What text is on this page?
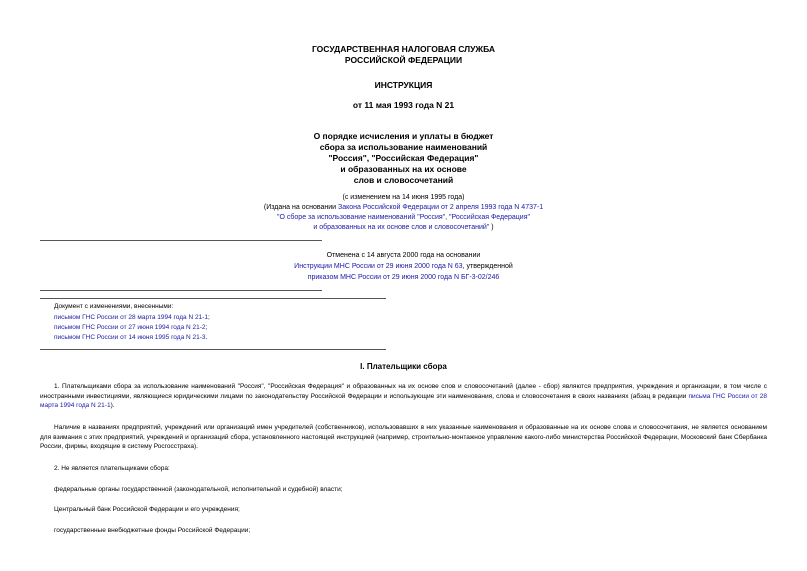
ГОСУДАРСТВЕННАЯ НАЛОГОВАЯ СЛУЖБА
РОССИЙСКОЙ ФЕДЕРАЦИИ
ИНСТРУКЦИЯ
от 11 мая 1993 года N 21
О порядке исчисления и уплаты в бюджет
сбора за использование наименований
"Россия", "Российская Федерация"
и образованных на их основе
слов и словосочетаний
(с изменением на 14 июня 1995 года)
(Издана на основании Закона Российской Федерации от 2 апреля 1993 года N 4737-1
"О сборе за использование наименований "Россия", "Российская Федерация"
и образованных на их основе слов и словосочетаний" )
Отменена с 14 августа 2000 года на основании
Инструкции МНС России от 29 июня 2000 года N 63, утвержденной
приказом МНС России от 29 июня 2000 года N БГ-3-02/246
Документ с изменениями, внесенными:
письмом ГНС России от 28 марта 1994 года N 21-1;
письмом ГНС России от 27 июня 1994 года N 21-2;
письмом ГНС России от 14 июня 1995 года N 21-3.
I. Плательщики сбора
1. Плательщиками сбора за использование наименований "Россия", "Российская Федерация" и образованных на их основе слов и словосочетаний (далее - сбор) являются предприятия, учреждения и организации, в том числе с иностранными инвестициями, являющиеся юридическими лицами по законодательству Российской Федерации и использующие эти наименования, слова и словосочетания в своих названиях (абзац в редакции письма ГНС России от 28 марта 1994 года N 21-1).
Наличие в названиях предприятий, учреждений или организаций имен учредителей (собственников), использовавших в них указанные наименования и образованные на их основе слова и словосочетания, не является основанием для взимания с этих предприятий, учреждений и организаций сбора, установленного настоящей инструкцией (например, строительно-монтажное управление какого-либо министерства Российской Федерации, Московский банк Сбербанка России, фирмы, входящие в систему Росгосстраха).
2. Не является плательщиками сбора:
федеральные органы государственной (законодательной, исполнительной и судебной) власти;
Центральный банк Российской Федерации и его учреждения;
государственные внебюджетные фонды Российской Федерации;
